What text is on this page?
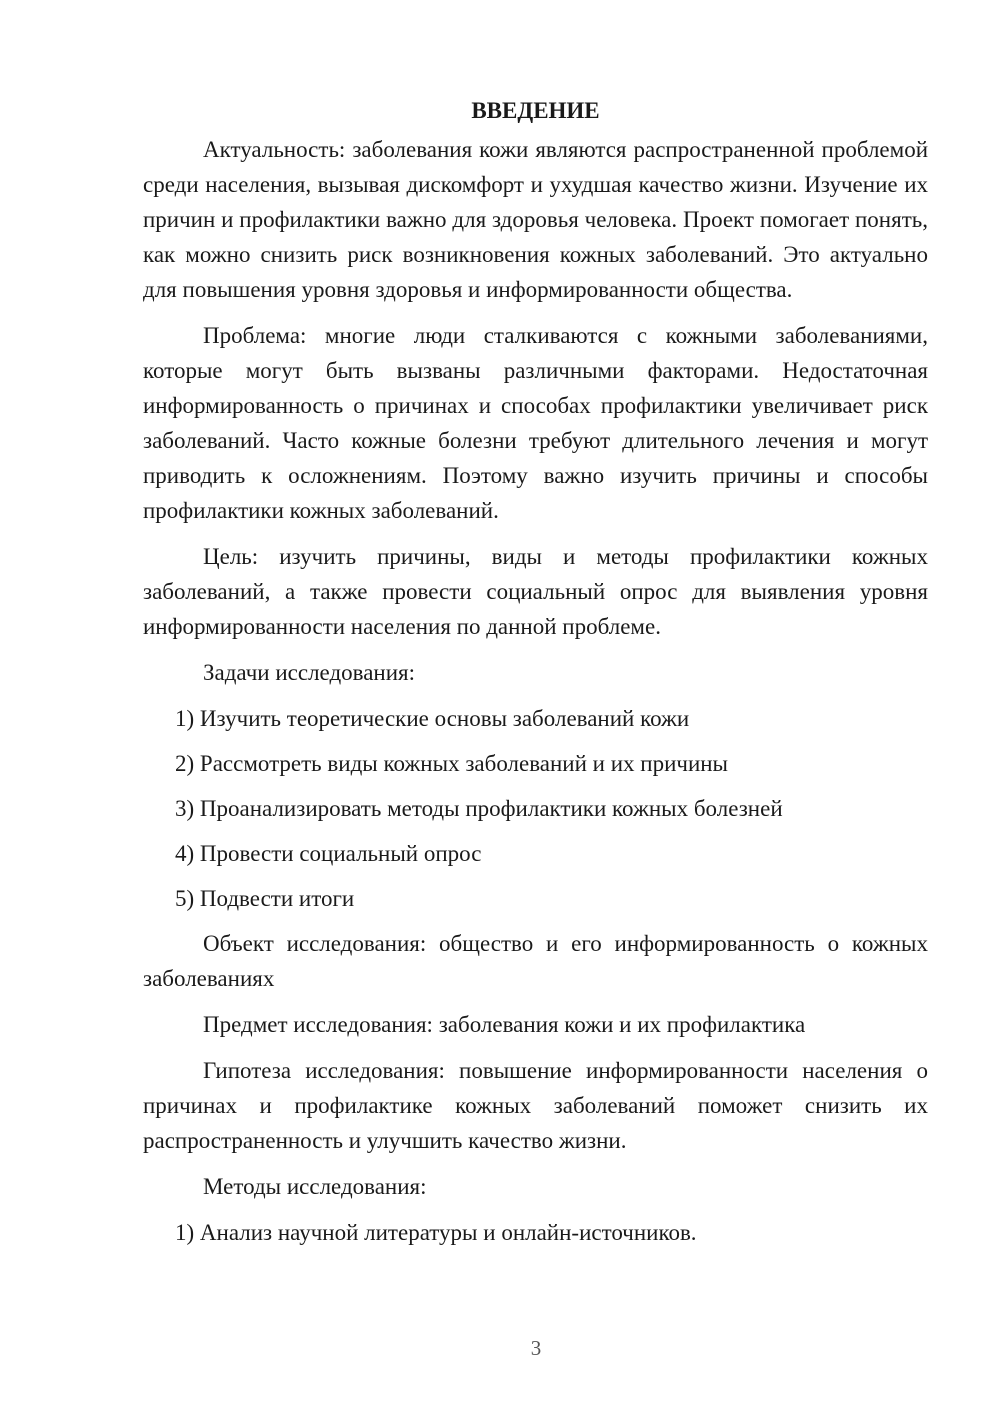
ВВЕДЕНИЕ

Актуальность: заболевания кожи являются распространенной проблемой среди населения, вызывая дискомфорт и ухудшая качество жизни. Изучение их причин и профилактики важно для здоровья человека. Проект помогает понять, как можно снизить риск возникновения кожных заболеваний. Это актуально для повышения уровня здоровья и информированности общества.

Проблема: многие люди сталкиваются с кожными заболеваниями, которые могут быть вызваны различными факторами. Недостаточная информированность о причинах и способах профилактики увеличивает риск заболеваний. Часто кожные болезни требуют длительного лечения и могут приводить к осложнениям. Поэтому важно изучить причины и способы профилактики кожных заболеваний.

Цель: изучить причины, виды и методы профилактики кожных заболеваний, а также провести социальный опрос для выявления уровня информированности населения по данной проблеме.

Задачи исследования:

1) Изучить теоретические основы заболеваний кожи
2) Рассмотреть виды кожных заболеваний и их причины
3) Проанализировать методы профилактики кожных болезней
4) Провести социальный опрос
5) Подвести итоги

Объект исследования: общество и его информированность о кожных заболеваниях

Предмет исследования: заболевания кожи и их профилактика

Гипотеза исследования: повышение информированности населения о причинах и профилактике кожных заболеваний поможет снизить их распространенность и улучшить качество жизни.

Методы исследования:

1) Анализ научной литературы и онлайн-источников.
3
